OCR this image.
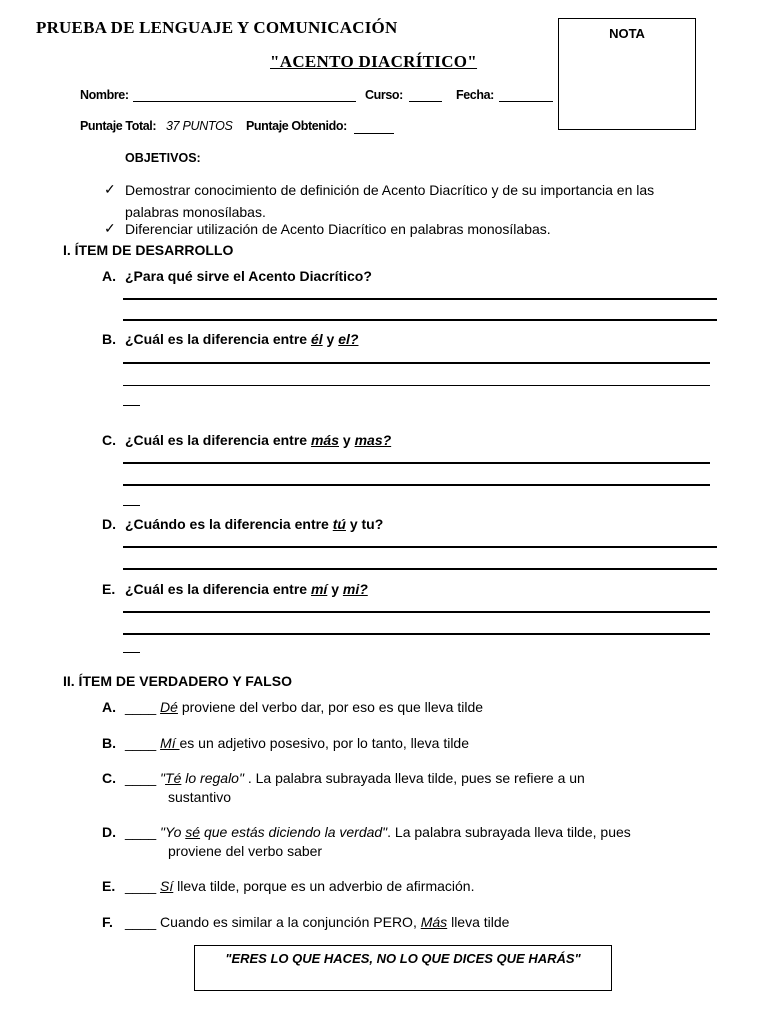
PRUEBA DE LENGUAJE Y COMUNICACIÓN
"ACENTO DIACRÍTICO"
NOTA
Nombre:	Curso:	Fecha:
Puntaje Total: 37 PUNTOS Puntaje Obtenido:
OBJETIVOS:
✓ Demostrar conocimiento de definición de Acento Diacrítico y de su importancia en las
palabras monosílabas.
✓ Diferenciar utilización de Acento Diacrítico en palabras monosílabas.
I. ÍTEM DE DESARROLLO
A. ¿Para qué sirve el Acento Diacrítico?
B. ¿Cuál es la diferencia entre él y el?
C. ¿Cuál es la diferencia entre más y mas?
D. ¿Cuándo es la diferencia entre tú y tu?
E. ¿Cuál es la diferencia entre mí y mi?
II. ÍTEM DE VERDADERO Y FALSO
A. ____ Dé proviene del verbo dar, por eso es que lleva tilde
B. ____ Mí es un adjetivo posesivo, por lo tanto, lleva tilde
C. ____ "Té lo regalo" . La palabra subrayada lleva tilde, pues se refiere a un
sustantivo
D. ____ "Yo sé que estás diciendo la verdad". La palabra subrayada lleva tilde, pues
proviene del verbo saber
E. ____ Sí lleva tilde, porque es un adverbio de afirmación.
F. ____ Cuando es similar a la conjunción PERO, Más lleva tilde
"ERES LO QUE HACES, NO LO QUE DICES QUE HARÁS"
